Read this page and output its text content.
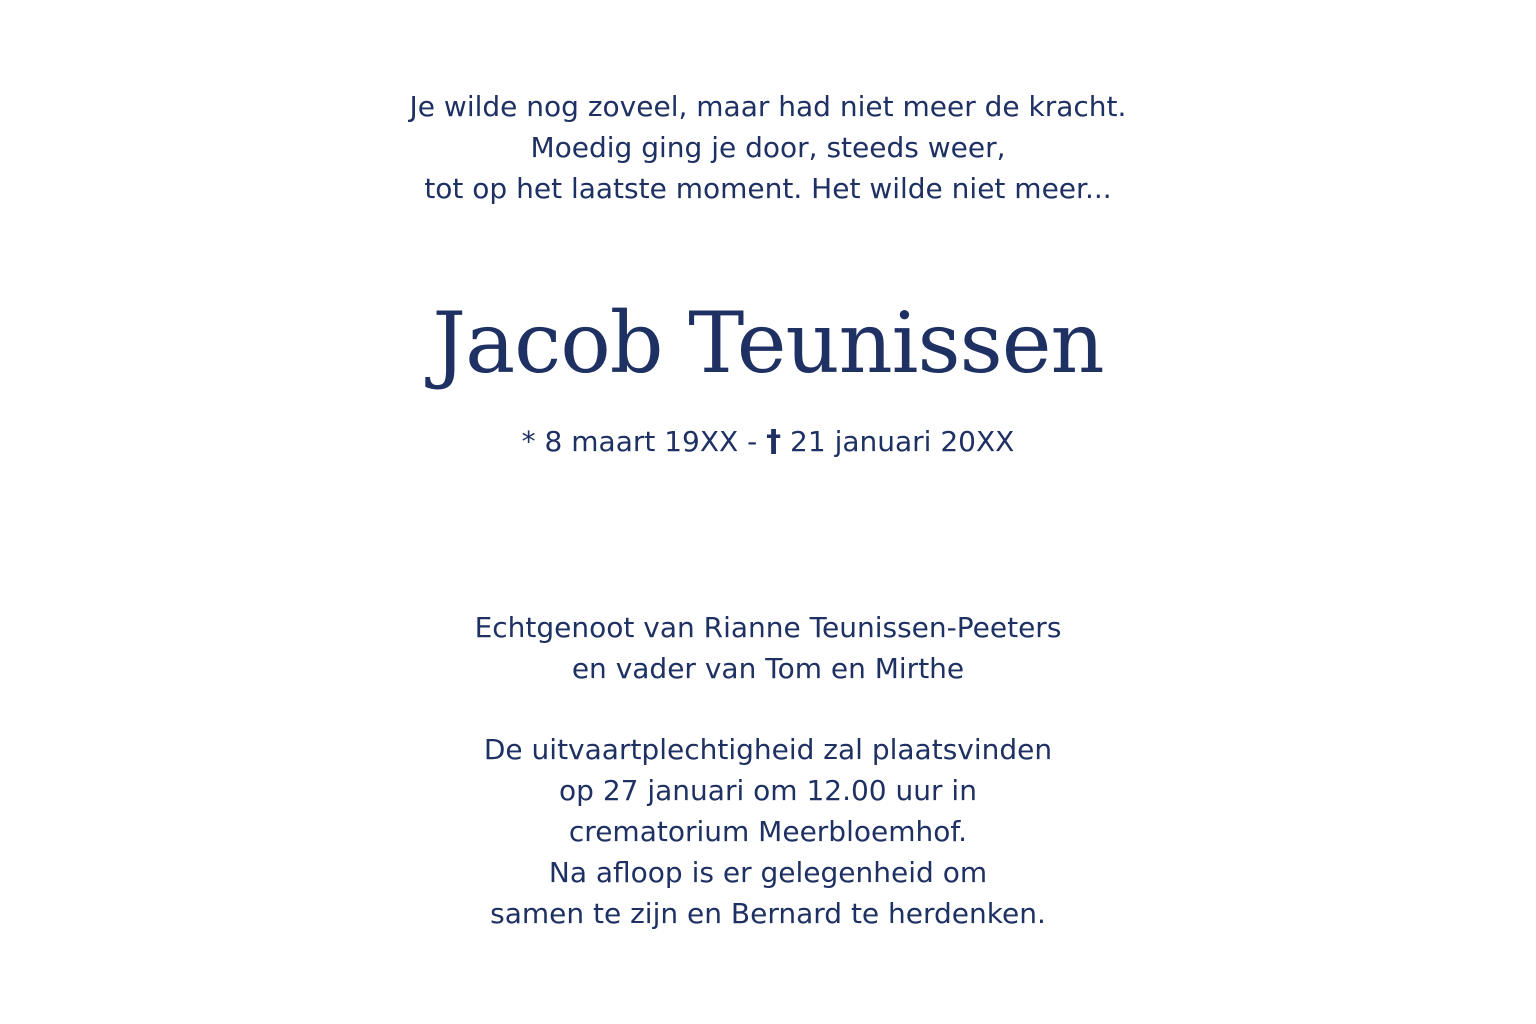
Je wilde nog zoveel, maar had niet meer de kracht.
Moedig ging je door, steeds weer,
tot op het laatste moment. Het wilde niet meer...
Jacob Teunissen
* 8 maart 19XX - † 21 januari 20XX
Echtgenoot van Rianne Teunissen-Peeters
en vader van Tom en Mirthe
De uitvaartplechtigheid zal plaatsvinden
op 27 januari om 12.00 uur in
crematorium Meerbloemhof.
Na afloop is er gelegenheid om
samen te zijn en Bernard te herdenken.
